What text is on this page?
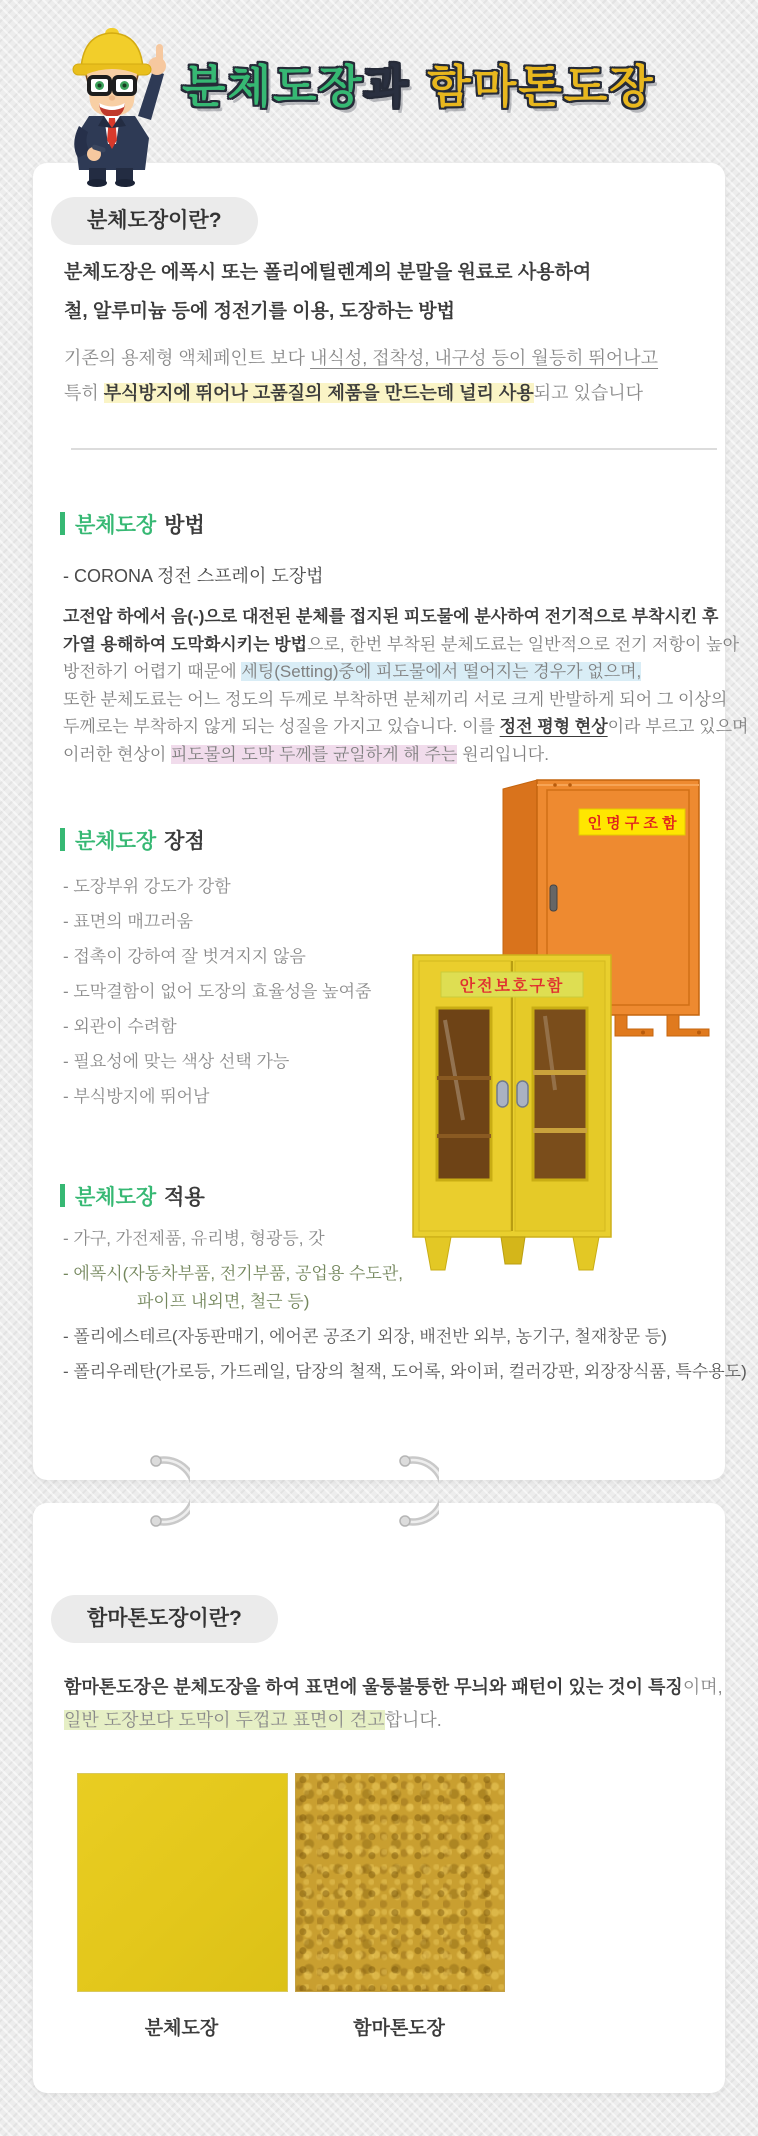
분체도장과 함마톤도장
분체도장이란?
분체도장은 에폭시 또는 폴리에틸렌계의 분말을 원료로 사용하여
철, 알루미늄 등에 정전기를 이용, 도장하는 방법
기존의 용제형 액체페인트 보다 내식성, 접착성, 내구성 등이 월등히 뛰어나고
특히 부식방지에 뛰어나 고품질의 제품을 만드는데 널리 사용되고 있습니다
분체도장 방법
- CORONA 정전 스프레이 도장법
고전압 하에서 음(-)으로 대전된 분체를 접지된 피도물에 분사하여 전기적으로 부착시킨 후
가열 용해하여 도막화시키는 방법으로, 한번 부착된 분체도료는 일반적으로 전기 저항이 높아
방전하기 어렵기 때문에 세팅(Setting)중에 피도물에서 떨어지는 경우가 없으며,
또한 분체도료는 어느 정도의 두께로 부착하면 분체끼리 서로 크게 반발하게 되어 그 이상의
두께로는 부착하지 않게 되는 성질을 가지고 있습니다. 이를 정전 평형 현상이라 부르고 있으며
이러한 현상이 피도물의 도막 두께를 균일하게 해 주는 원리입니다.
인 명 구 조 함
분체도장 장점
- 도장부위 강도가 강함
- 표면의 매끄러움
- 접촉이 강하여 잘 벗겨지지 않음
- 도막결함이 없어 도장의 효율성을 높여줌
- 외관이 수려함
- 필요성에 맞는 색상 선택 가능
- 부식방지에 뛰어남
안전보호구함
분체도장 적용
- 가구, 가전제품, 유리병, 형광등, 갓
- 에폭시(자동차부품, 전기부품, 공업용 수도관,
파이프 내외면, 철근 등)
- 폴리에스테르(자동판매기, 에어콘 공조기 외장, 배전반 외부, 농기구, 철재창문 등)
- 폴리우레탄(가로등, 가드레일, 담장의 철잭, 도어록, 와이퍼, 컬러강판, 외장장식품, 특수용도)
함마톤도장이란?
함마톤도장은 분체도장을 하여 표면에 울퉁불퉁한 무늬와 패턴이 있는 것이 특징이며,
일반 도장보다 도막이 두껍고 표면이 견고합니다.
분체도장	함마톤도장
